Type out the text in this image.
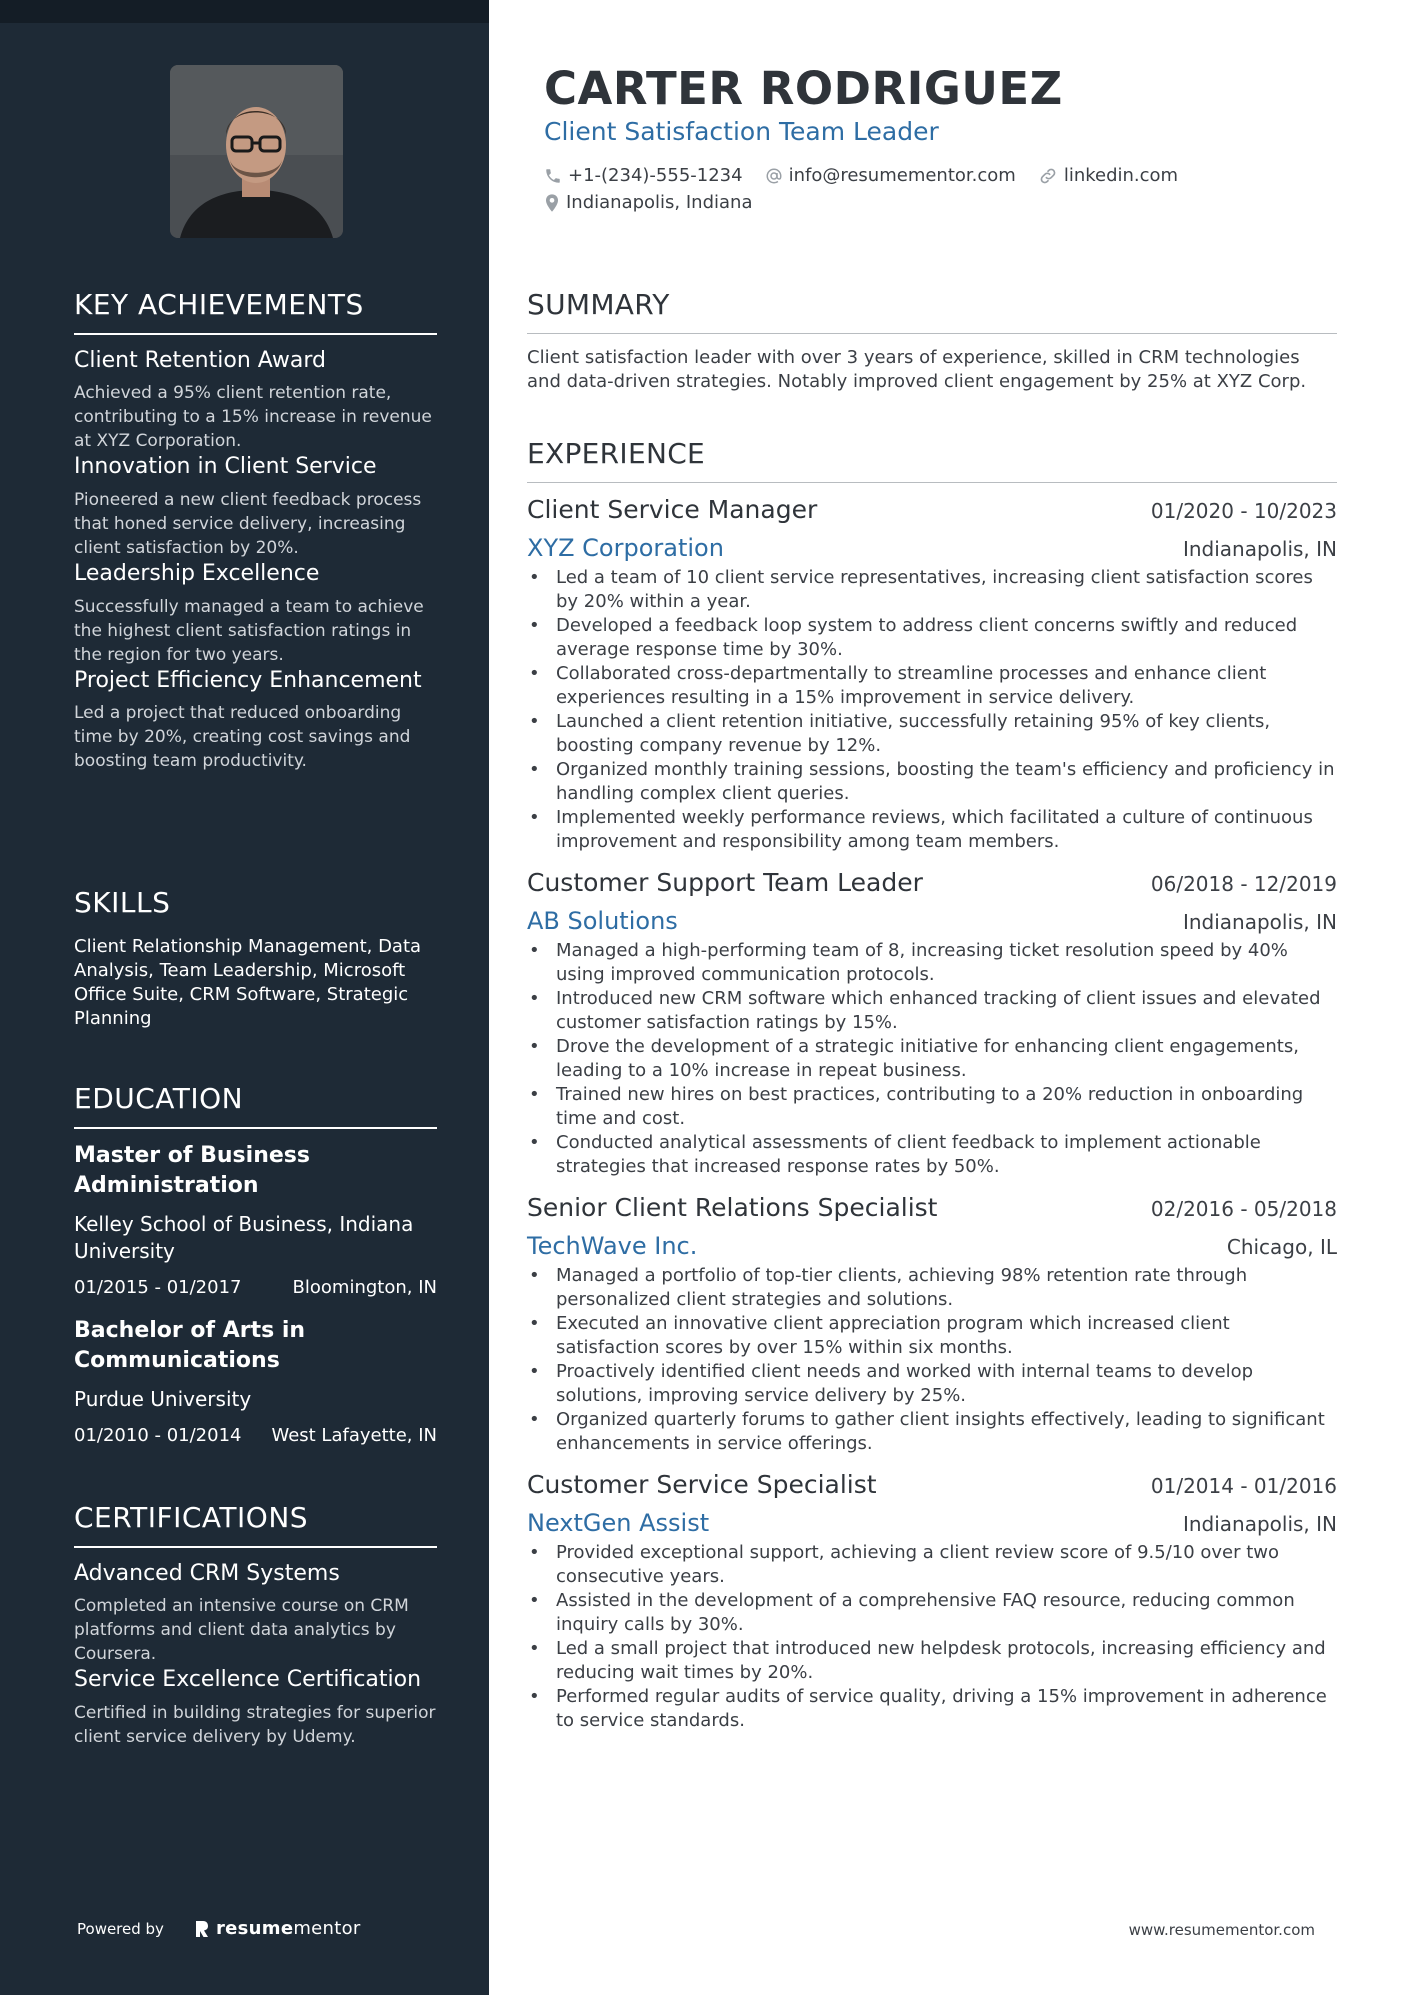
KEY ACHIEVEMENTS
Client Retention Award
Achieved a 95% client retention rate, contributing to a 15% increase in revenue at XYZ Corporation.
Innovation in Client Service
Pioneered a new client feedback process that honed service delivery, increasing client satisfaction by 20%.
Leadership Excellence
Successfully managed a team to achieve the highest client satisfaction ratings in the region for two years.
Project Efficiency Enhancement
Led a project that reduced onboarding time by 20%, creating cost savings and boosting team productivity.
SKILLS
Client Relationship Management, Data Analysis, Team Leadership, Microsoft Office Suite, CRM Software, Strategic Planning
EDUCATION
Master of Business Administration
Kelley School of Business, Indiana University
01/2015 - 01/2017	Bloomington, IN
Bachelor of Arts in Communications
Purdue University
01/2010 - 01/2014 West Lafayette, IN
CERTIFICATIONS
Advanced CRM Systems
Completed an intensive course on CRM platforms and client data analytics by Coursera.
Service Excellence Certification
Certified in building strategies for superior client service delivery by Udemy.
Powered by	resume mentor
CARTER RODRIGUEZ
Client Satisfaction Team Leader
+1-(234)-555-1234	info@resumementor.com	linkedin.com
Indianapolis, Indiana
SUMMARY
Client satisfaction leader with over 3 years of experience, skilled in CRM technologies and data-driven strategies. Notably improved client engagement by 25% at XYZ Corp.
EXPERIENCE
Client Service Manager	01/2020 - 10/2023
XYZ Corporation	Indianapolis, IN
• Led a team of 10 client service representatives, increasing client satisfaction scores by 20% within a year.
• Developed a feedback loop system to address client concerns swiftly and reduced average response time by 30%.
• Collaborated cross-departmentally to streamline processes and enhance client experiences resulting in a 15% improvement in service delivery.
• Launched a client retention initiative, successfully retaining 95% of key clients, boosting company revenue by 12%.
• Organized monthly training sessions, boosting the team's efficiency and proficiency in handling complex client queries.
• Implemented weekly performance reviews, which facilitated a culture of continuous improvement and responsibility among team members.
Customer Support Team Leader	06/2018 - 12/2019
AB Solutions	Indianapolis, IN
• Managed a high-performing team of 8, increasing ticket resolution speed by 40% using improved communication protocols.
• Introduced new CRM software which enhanced tracking of client issues and elevated customer satisfaction ratings by 15%.
• Drove the development of a strategic initiative for enhancing client engagements, leading to a 10% increase in repeat business.
• Trained new hires on best practices, contributing to a 20% reduction in onboarding time and cost.
• Conducted analytical assessments of client feedback to implement actionable strategies that increased response rates by 50%.
Senior Client Relations Specialist	02/2016 - 05/2018
TechWave Inc.	Chicago, IL
• Managed a portfolio of top-tier clients, achieving 98% retention rate through personalized client strategies and solutions.
• Executed an innovative client appreciation program which increased client satisfaction scores by over 15% within six months.
• Proactively identified client needs and worked with internal teams to develop solutions, improving service delivery by 25%.
• Organized quarterly forums to gather client insights effectively, leading to significant enhancements in service offerings.
Customer Service Specialist	01/2014 - 01/2016
NextGen Assist	Indianapolis, IN
• Provided exceptional support, achieving a client review score of 9.5/10 over two consecutive years.
• Assisted in the development of a comprehensive FAQ resource, reducing common inquiry calls by 30%.
• Led a small project that introduced new helpdesk protocols, increasing efficiency and reducing wait times by 20%.
• Performed regular audits of service quality, driving a 15% improvement in adherence to service standards.
www.resumementor.com
